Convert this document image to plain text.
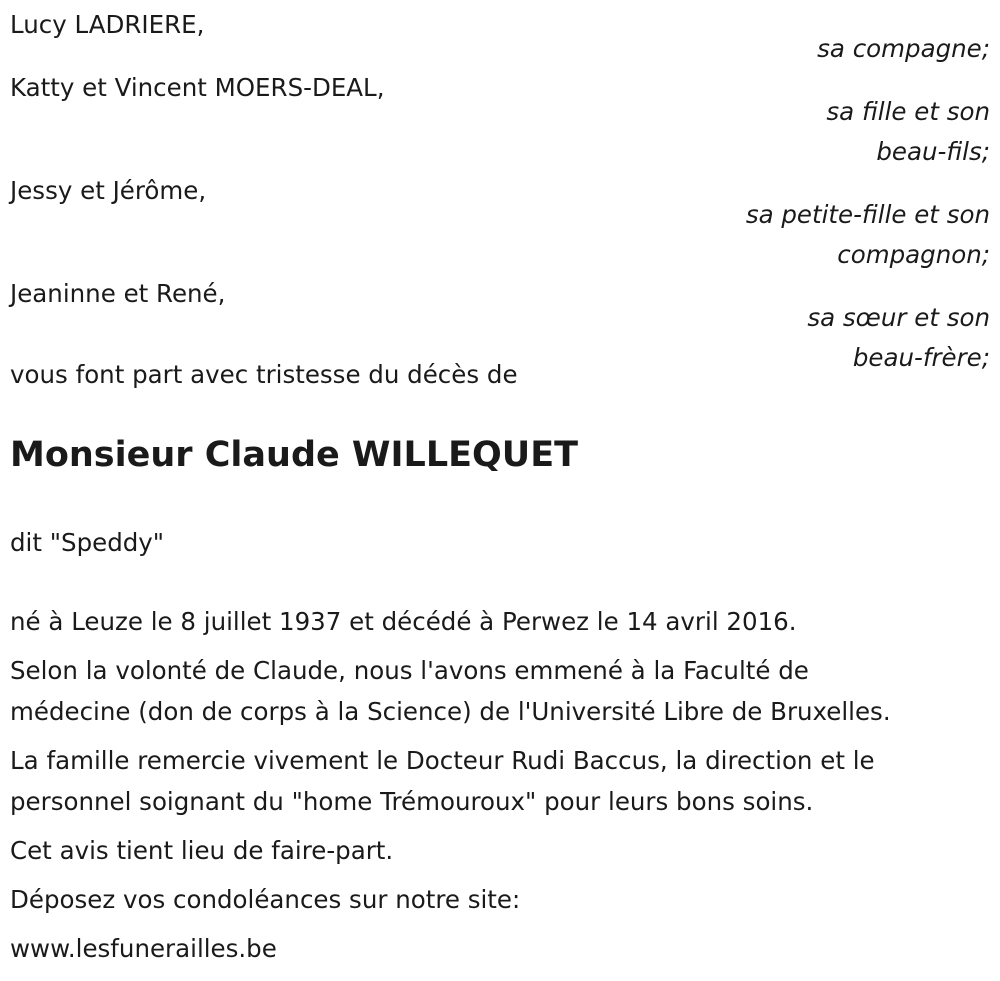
Lucy LADRIERE,
sa compagne;
Katty et Vincent MOERS-DEAL,
sa fille et son
beau-fils;
Jessy et Jérôme,
sa petite-fille et son
compagnon;
Jeaninne et René,
sa sœur et son
beau-frère;
vous font part avec tristesse du décès de
Monsieur Claude WILLEQUET
dit "Speddy"
né à Leuze le 8 juillet 1937 et décédé à Perwez le 14 avril 2016.
Selon la volonté de Claude, nous l'avons emmené à la Faculté de
médecine (don de corps à la Science) de l'Université Libre de Bruxelles.
La famille remercie vivement le Docteur Rudi Baccus, la direction et le
personnel soignant du "home Trémouroux" pour leurs bons soins.
Cet avis tient lieu de faire-part.
Déposez vos condoléances sur notre site:
www.lesfunerailles.be
